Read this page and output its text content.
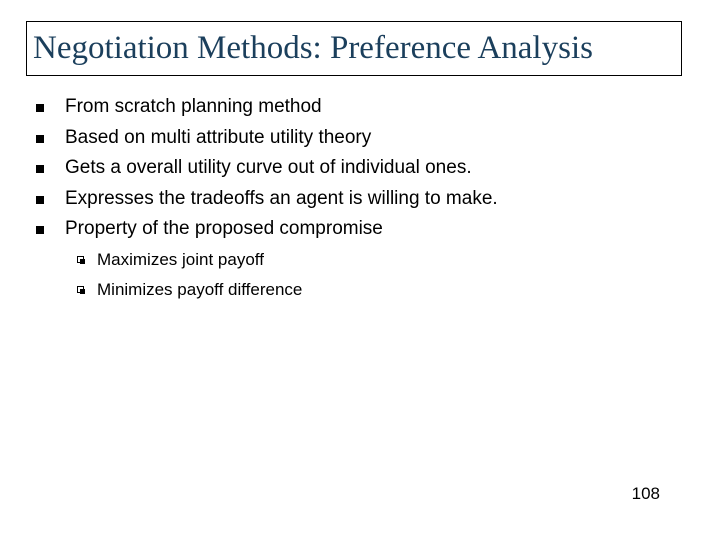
Negotiation Methods: Preference Analysis
From scratch planning method
Based on multi attribute utility theory
Gets a overall utility curve out of individual ones.
Expresses the tradeoffs an agent is willing to make.
Property of the proposed compromise
Maximizes joint payoff
Minimizes payoff difference
108
